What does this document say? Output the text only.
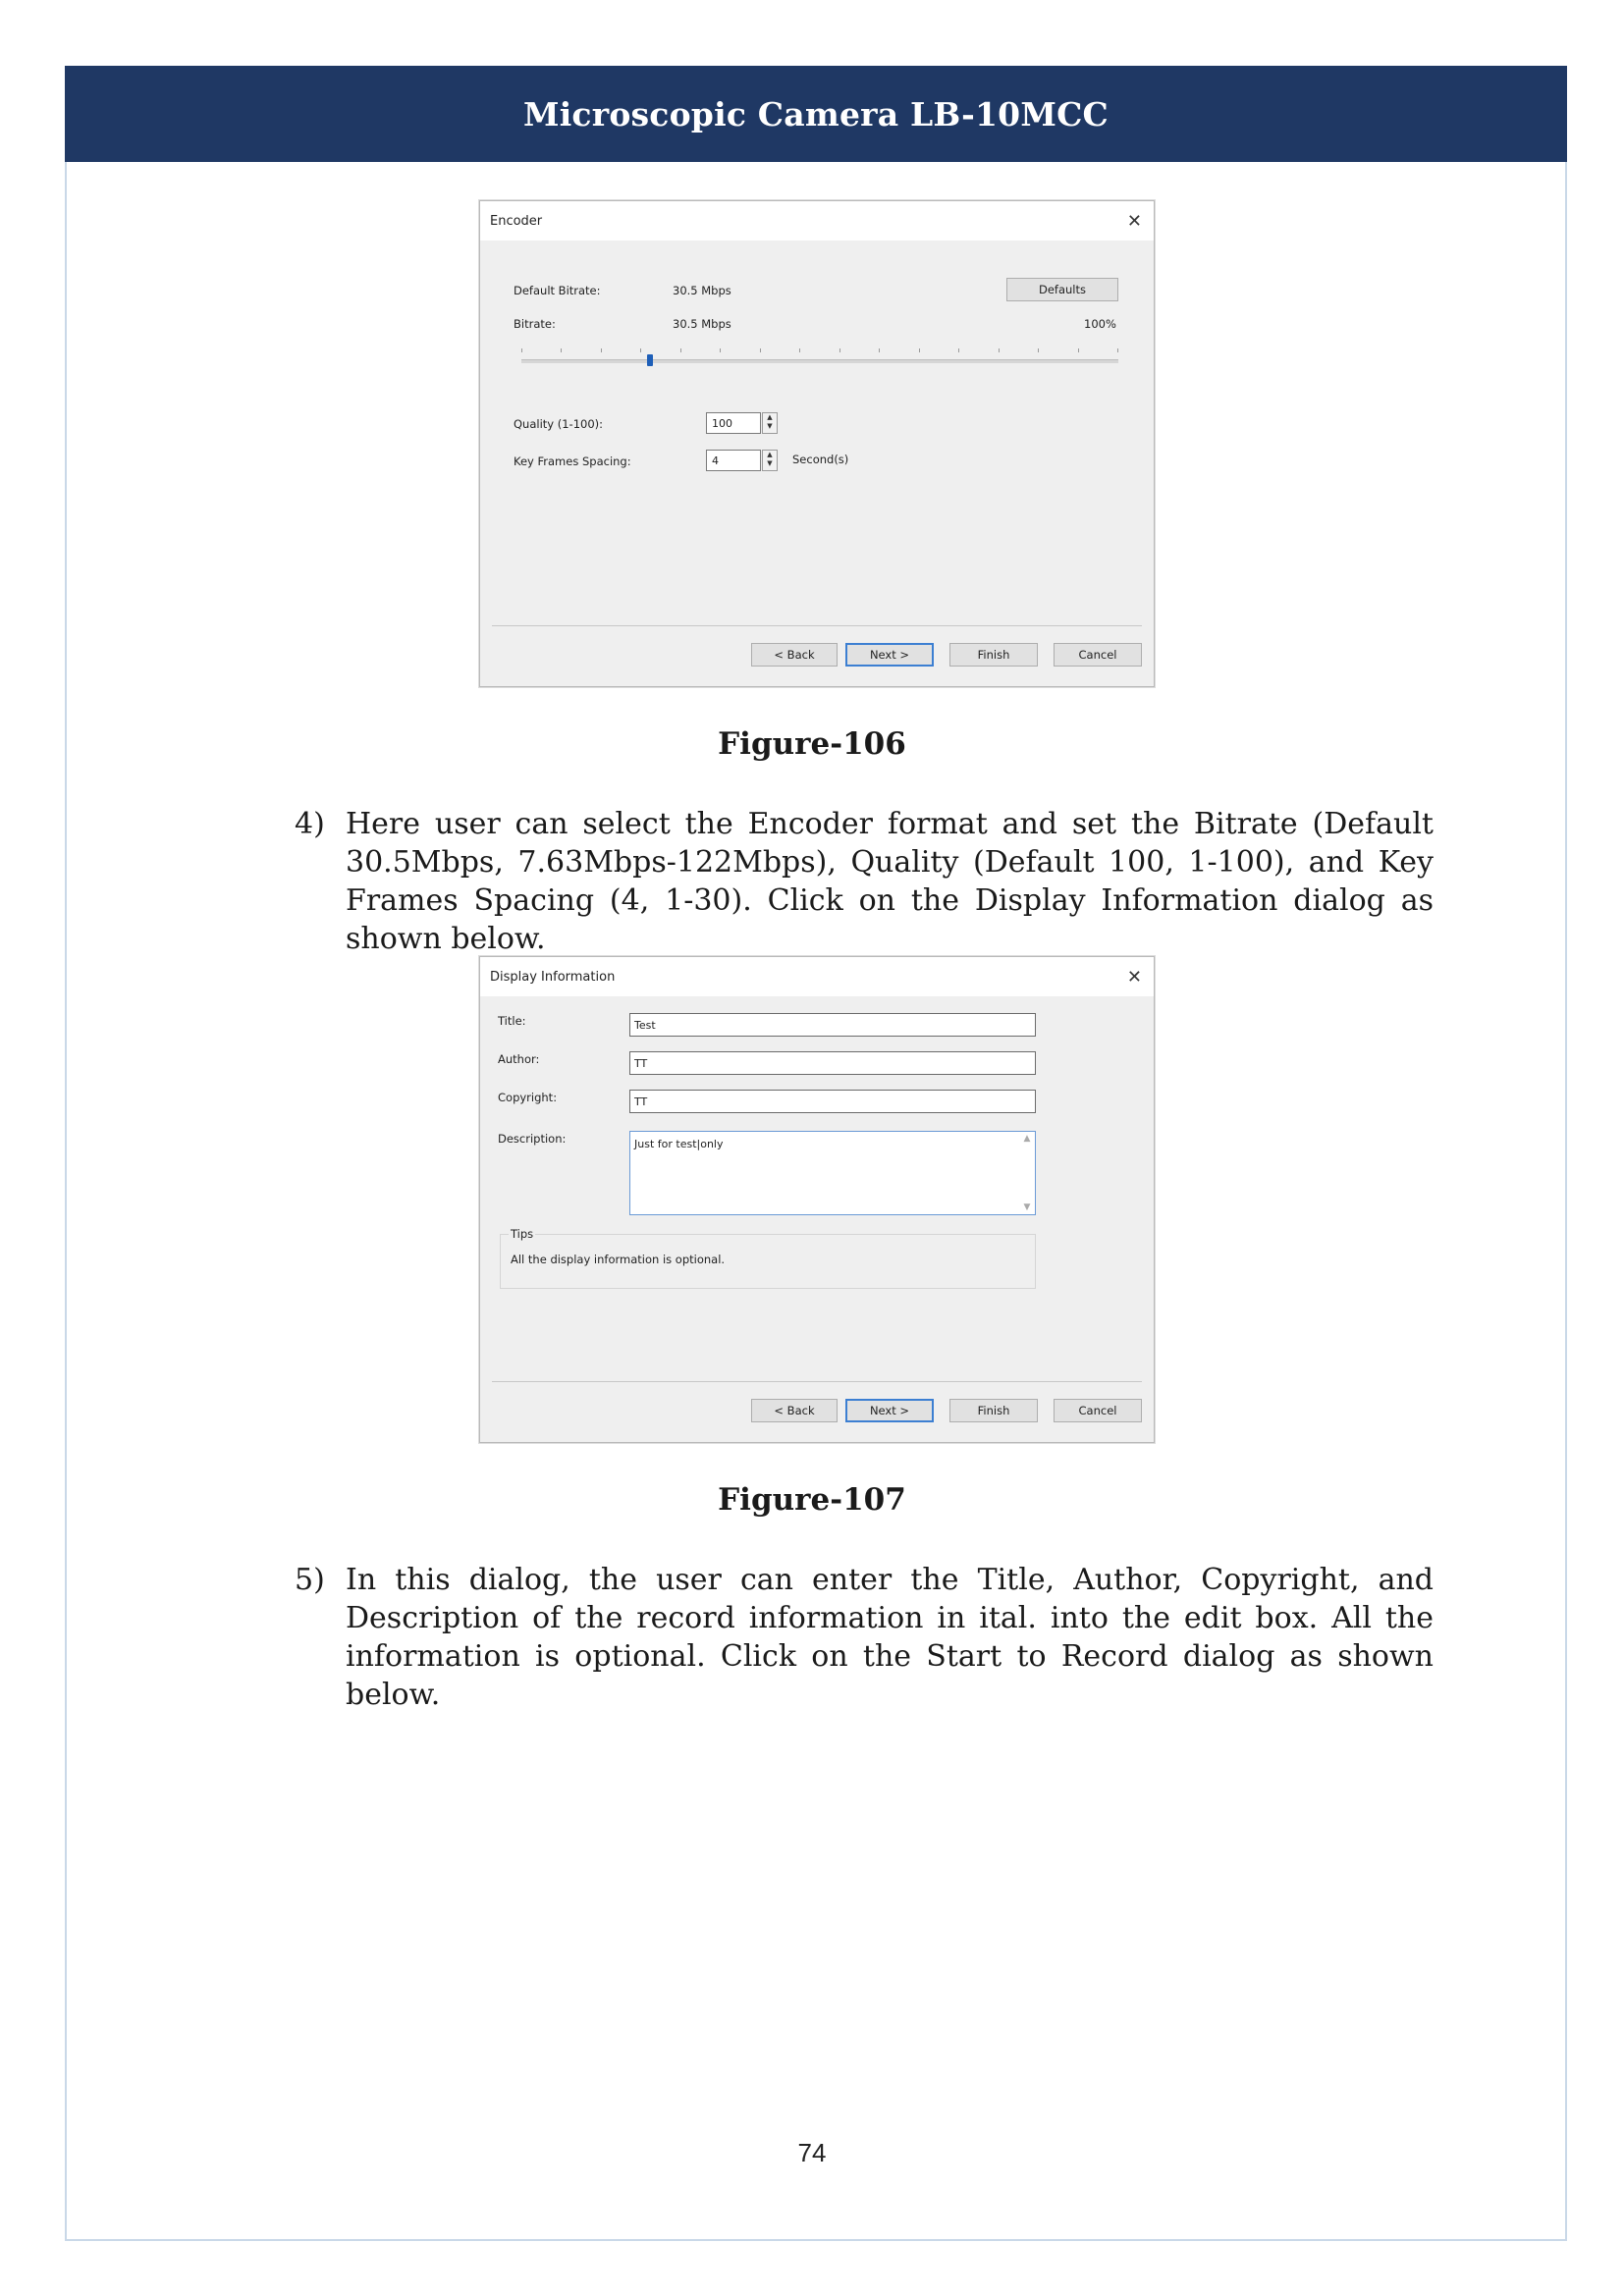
Microscopic Camera LB-10MCC
Encoder	✕
Default Bitrate:	30.5 Mbps	Defaults
Bitrate:	30.5 Mbps	100%
Quality (1-100):	100	▲
▼
Key Frames Spacing:	4	▲
▼	Second(s)
< Back	Next >	Finish	Cancel
Figure-106
4) Here user can select the Encoder format and set the Bitrate (Default 30.5Mbps, 7.63Mbps-122Mbps), Quality (Default 100, 1-100), and Key Frames Spacing (4, 1-30). Click on the Display Information dialog as shown below.
Display Information	✕
Title:	Test
Author:	TT
Copyright:	TT
Description:	Just for test|only	▲
▼
Tips
All the display information is optional.
< Back	Next >	Finish	Cancel
Figure-107
5) In this dialog, the user can enter the Title, Author, Copyright, and Description of the record information in ital. into the edit box. All the information is optional. Click on the Start to Record dialog as shown below.
74
